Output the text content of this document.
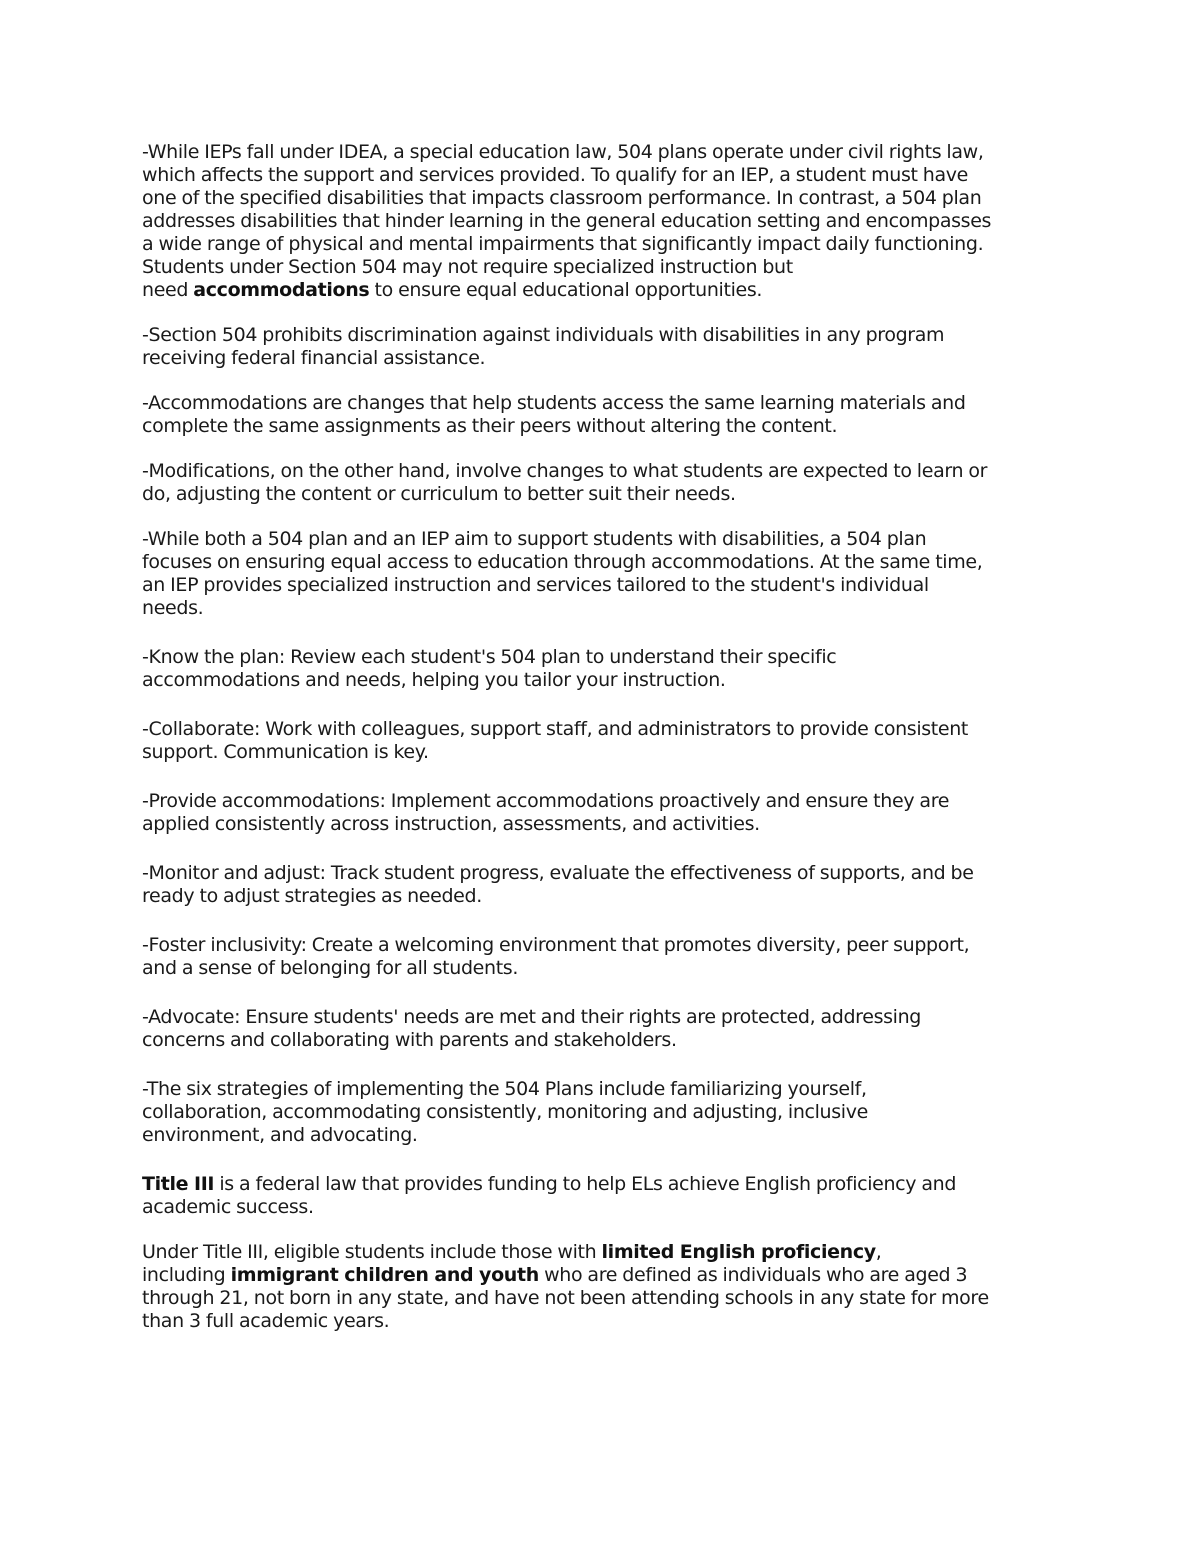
-While IEPs fall under IDEA, a special education law, 504 plans operate under civil rights law,
which affects the support and services provided. To qualify for an IEP, a student must have
one of the specified disabilities that impacts classroom performance. In contrast, a 504 plan
addresses disabilities that hinder learning in the general education setting and encompasses
a wide range of physical and mental impairments that significantly impact daily functioning.
Students under Section 504 may not require specialized instruction but
need accommodations to ensure equal educational opportunities.
-Section 504 prohibits discrimination against individuals with disabilities in any program
receiving federal financial assistance.
-Accommodations are changes that help students access the same learning materials and
complete the same assignments as their peers without altering the content.
-Modifications, on the other hand, involve changes to what students are expected to learn or
do, adjusting the content or curriculum to better suit their needs.
-While both a 504 plan and an IEP aim to support students with disabilities, a 504 plan
focuses on ensuring equal access to education through accommodations. At the same time,
an IEP provides specialized instruction and services tailored to the student's individual
needs.
-Know the plan: Review each student's 504 plan to understand their specific
accommodations and needs, helping you tailor your instruction.
-Collaborate: Work with colleagues, support staff, and administrators to provide consistent
support. Communication is key.
-Provide accommodations: Implement accommodations proactively and ensure they are
applied consistently across instruction, assessments, and activities.
-Monitor and adjust: Track student progress, evaluate the effectiveness of supports, and be
ready to adjust strategies as needed.
-Foster inclusivity: Create a welcoming environment that promotes diversity, peer support,
and a sense of belonging for all students.
-Advocate: Ensure students' needs are met and their rights are protected, addressing
concerns and collaborating with parents and stakeholders.
-The six strategies of implementing the 504 Plans include familiarizing yourself,
collaboration, accommodating consistently, monitoring and adjusting, inclusive
environment, and advocating.
Title III is a federal law that provides funding to help ELs achieve English proficiency and
academic success.
Under Title III, eligible students include those with limited English proficiency,
including immigrant children and youth who are defined as individuals who are aged 3
through 21, not born in any state, and have not been attending schools in any state for more
than 3 full academic years.
